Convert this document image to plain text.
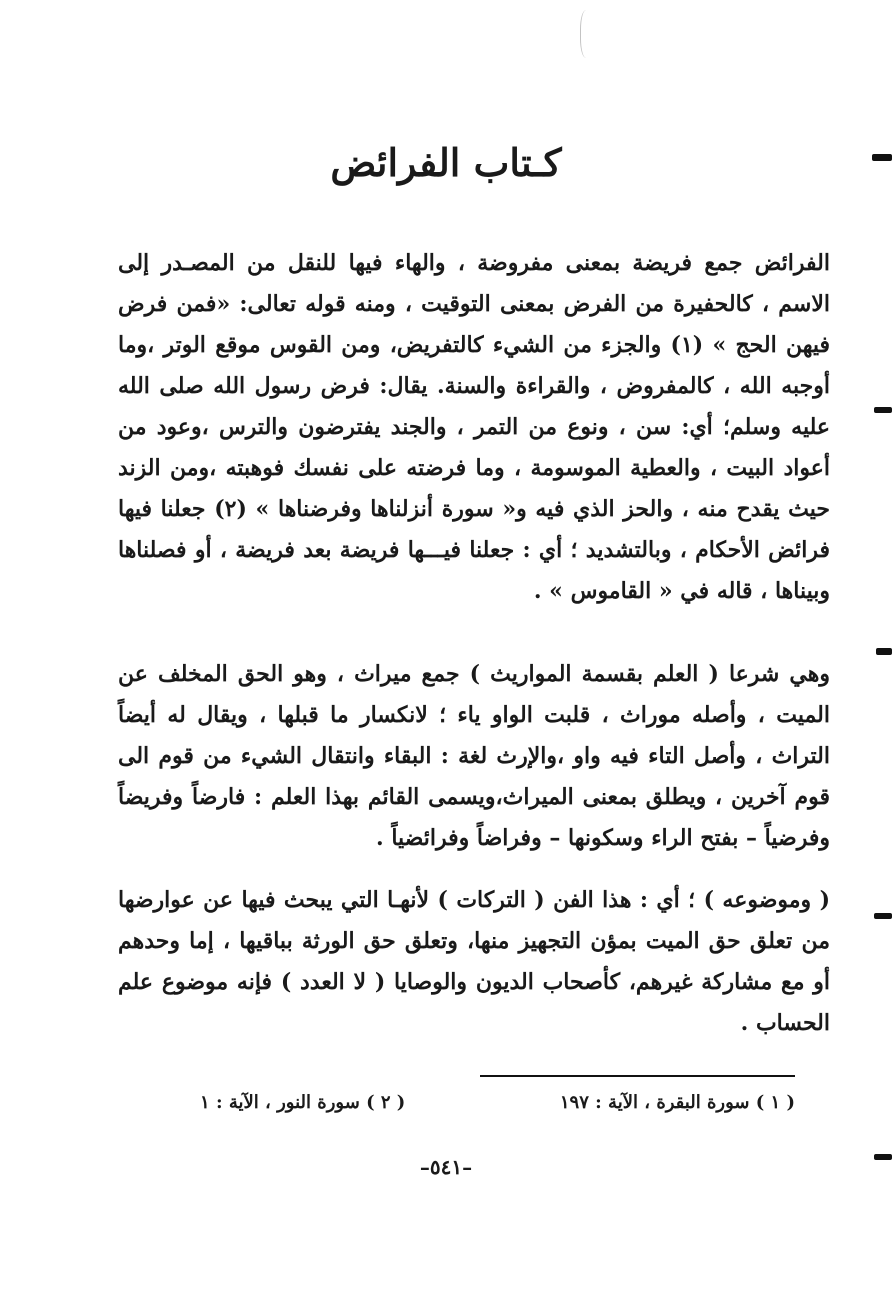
كـتاب الفرائض
الفرائض جمع فريضة بمعنى مفروضة ، والهاء فيها للنقل من المصـدر إلى الاسم ، كالحفيرة من الفرض بمعنى التوقيت ، ومنه قوله تعالى: «فمن فرض فيهن الحج » (١) والجزء من الشيء كالتفريض، ومن القوس موقع الوتر ،وما أوجبه الله ، كالمفروض ، والقراءة والسنة. يقال: فرض رسول الله صلى الله عليه وسلم؛ أي: سن ، ونوع من التمر ، والجند يفترضون والترس ،وعود من أعواد البيت ، والعطية الموسومة ، وما فرضته على نفسك فوهبته ،ومن الزند حيث يقدح منه ، والحز الذي فيه و« سورة أنزلناها وفرضناها » (٢) جعلنا فيها فرائض الأحكام ، وبالتشديد ؛ أي : جعلنا فيـــها فريضة بعد فريضة ، أو فصلناها وبيناها ، قاله في « القاموس » .
وهي شرعا ( العلم بقسمة المواريث ) جمع ميراث ، وهو الحق المخلف عن الميت ، وأصله موراث ، قلبت الواو ياء ؛ لانكسار ما قبلها ، ويقال له أيضاً التراث ، وأصل التاء فيه واو ،والإرث لغة : البقاء وانتقال الشيء من قوم الى قوم آخرين ، ويطلق بمعنى الميراث،ويسمى القائم بهذا العلم : فارضاً وفريضاً وفرضياً – بفتح الراء وسكونها – وفراضاً وفرائضياً .
( وموضوعه ) ؛ أي : هذا الفن ( التركات ) لأنهـا التي يبحث فيها عن عوارضها من تعلق حق الميت بمؤن التجهيز منها، وتعلق حق الورثة بباقيها ، إما وحدهم أو مع مشاركة غيرهم، كأصحاب الديون والوصايا ( لا العدد ) فإنه موضوع علم الحساب .
( ١ ) سورة البقرة ، الآية : ١٩٧
( ٢ ) سورة النور ، الآية : ١
–٥٤١–
